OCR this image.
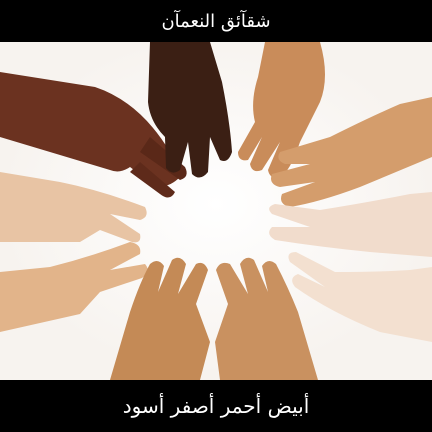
شقآئق النعمآن
أبيض أحمر أصفر أسود
